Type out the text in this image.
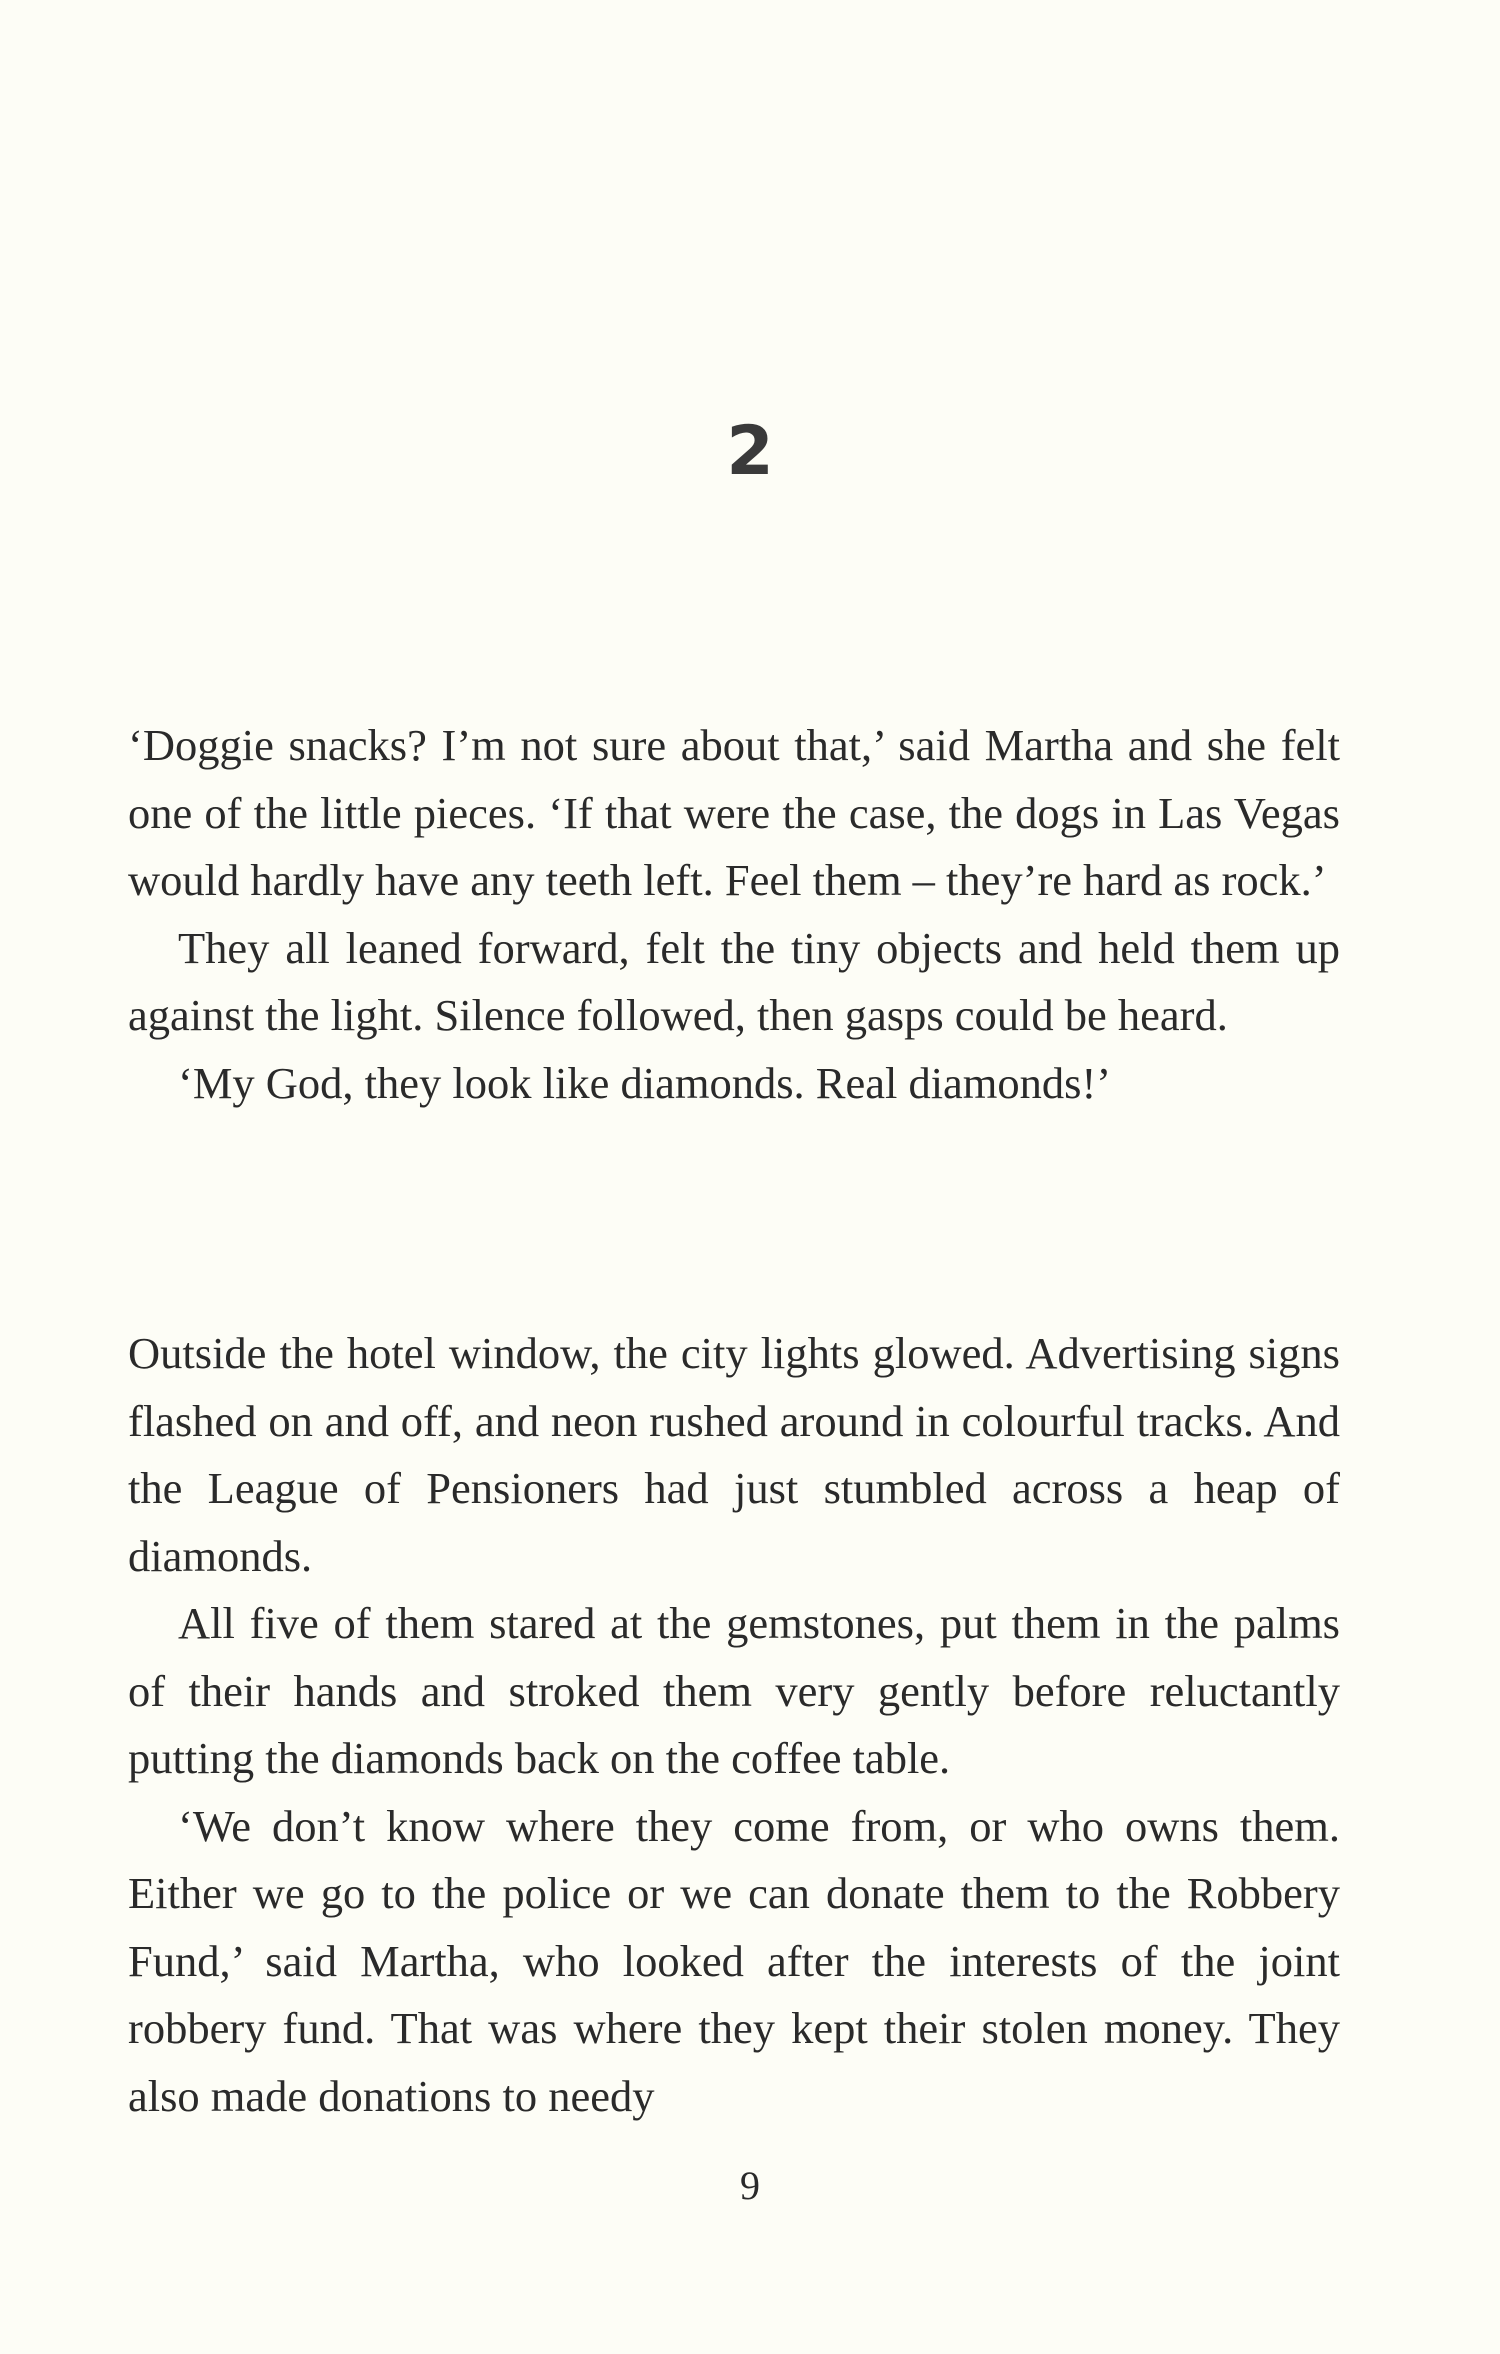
2

‘Doggie snacks? I’m not sure about that,’ said Martha and she felt one of the little pieces. ‘If that were the case, the dogs in Las Vegas would hardly have any teeth left. Feel them – they’re hard as rock.’

They all leaned forward, felt the tiny objects and held them up against the light. Silence followed, then gasps could be heard.

‘My God, they look like diamonds. Real diamonds!’

Outside the hotel window, the city lights glowed. Advertising signs flashed on and off, and neon rushed around in colourful tracks. And the League of Pensioners had just stumbled across a heap of diamonds.

All five of them stared at the gemstones, put them in the palms of their hands and stroked them very gently before reluctantly putting the diamonds back on the coffee table.

‘We don’t know where they come from, or who owns them. Either we go to the police or we can donate them to the Robbery Fund,’ said Martha, who looked after the interests of the joint robbery fund. That was where they kept their stolen money. They also made donations to needy

9
